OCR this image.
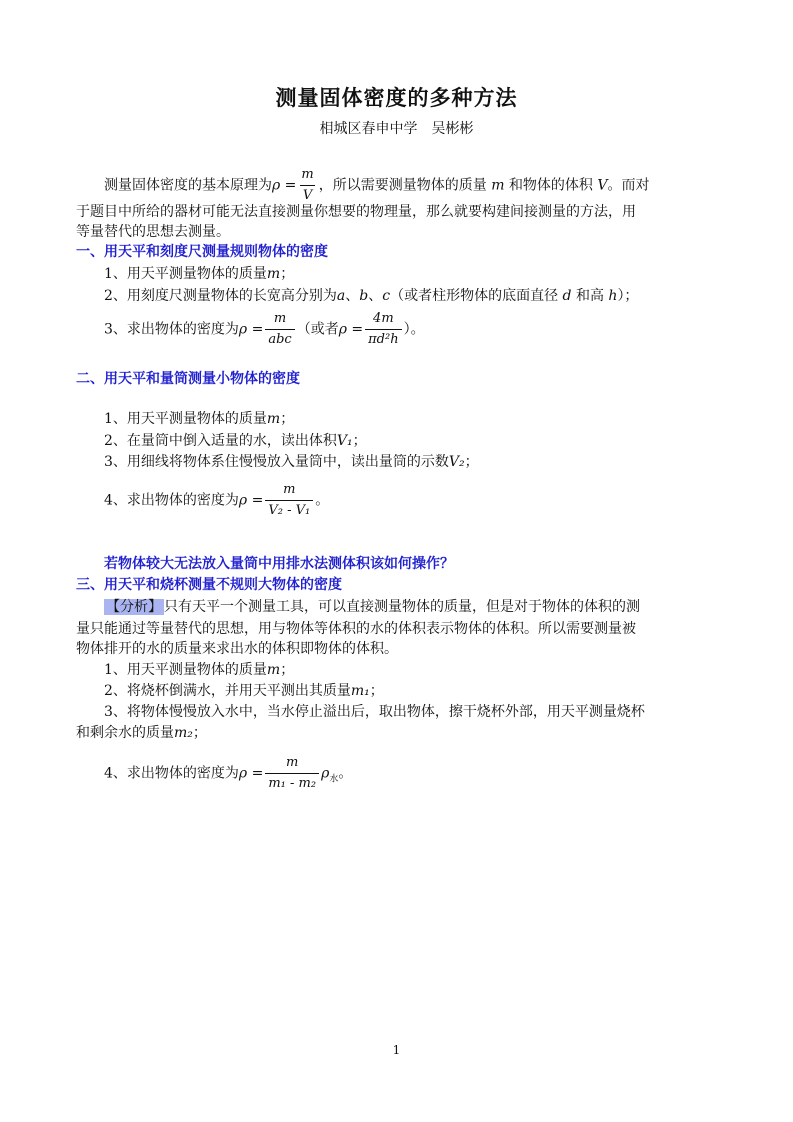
测量固体密度的多种方法
相城区春申中学　吴彬彬
测量固体密度的基本原理为$\rho = \frac{m}{V}$ ，所以需要测量物体的质量 m 和物体的体积 V。而对
于题目中所给的器材可能无法直接测量你想要的物理量，那么就要构建间接测量的方法，用
等量替代的思想去测量。
一、用天平和刻度尺测量规则物体的密度
1、用天平测量物体的质量m；
2、用刻度尺测量物体的长宽高分别为a、b、c（或者柱形物体的底面直径 d 和高 h）；
3、求出物体的密度为$\rho = \frac{m}{\text{abc}}$ （或者$\rho = \frac{4m}{\text{πd²h}}$ ）。
二、用天平和量筒测量小物体的密度
1、用天平测量物体的质量m；
2、在量筒中倒入适量的水，读出体积V₁；
3、用细线将物体系住慢慢放入量筒中，读出量筒的示数V₂；
4、求出物体的密度为$\rho = \frac{m}{\text{V₂ - V₁}}$ 。
若物体较大无法放入量筒中用排水法测体积该如何操作？
三、用天平和烧杯测量不规则大物体的密度
【分析】 只有天平一个测量工具，可以直接测量物体的质量，但是对于物体的体积的测
量只能通过等量替代的思想，用与物体等体积的水的体积表示物体的体积。所以需要测量被
物体排开的水的质量来求出水的体积即物体的体积。
1、用天平测量物体的质量m；
2、将烧杯倒满水，并用天平测出其质量m₁；
3、将物体慢慢放入水中，当水停止溢出后，取出物体，擦干烧杯外部，用天平测量烧杯
和剩余水的质量m₂；
4、求出物体的密度为$\rho = \frac{m}{\text{m₁ - m₂}} \rho_水$。
1
